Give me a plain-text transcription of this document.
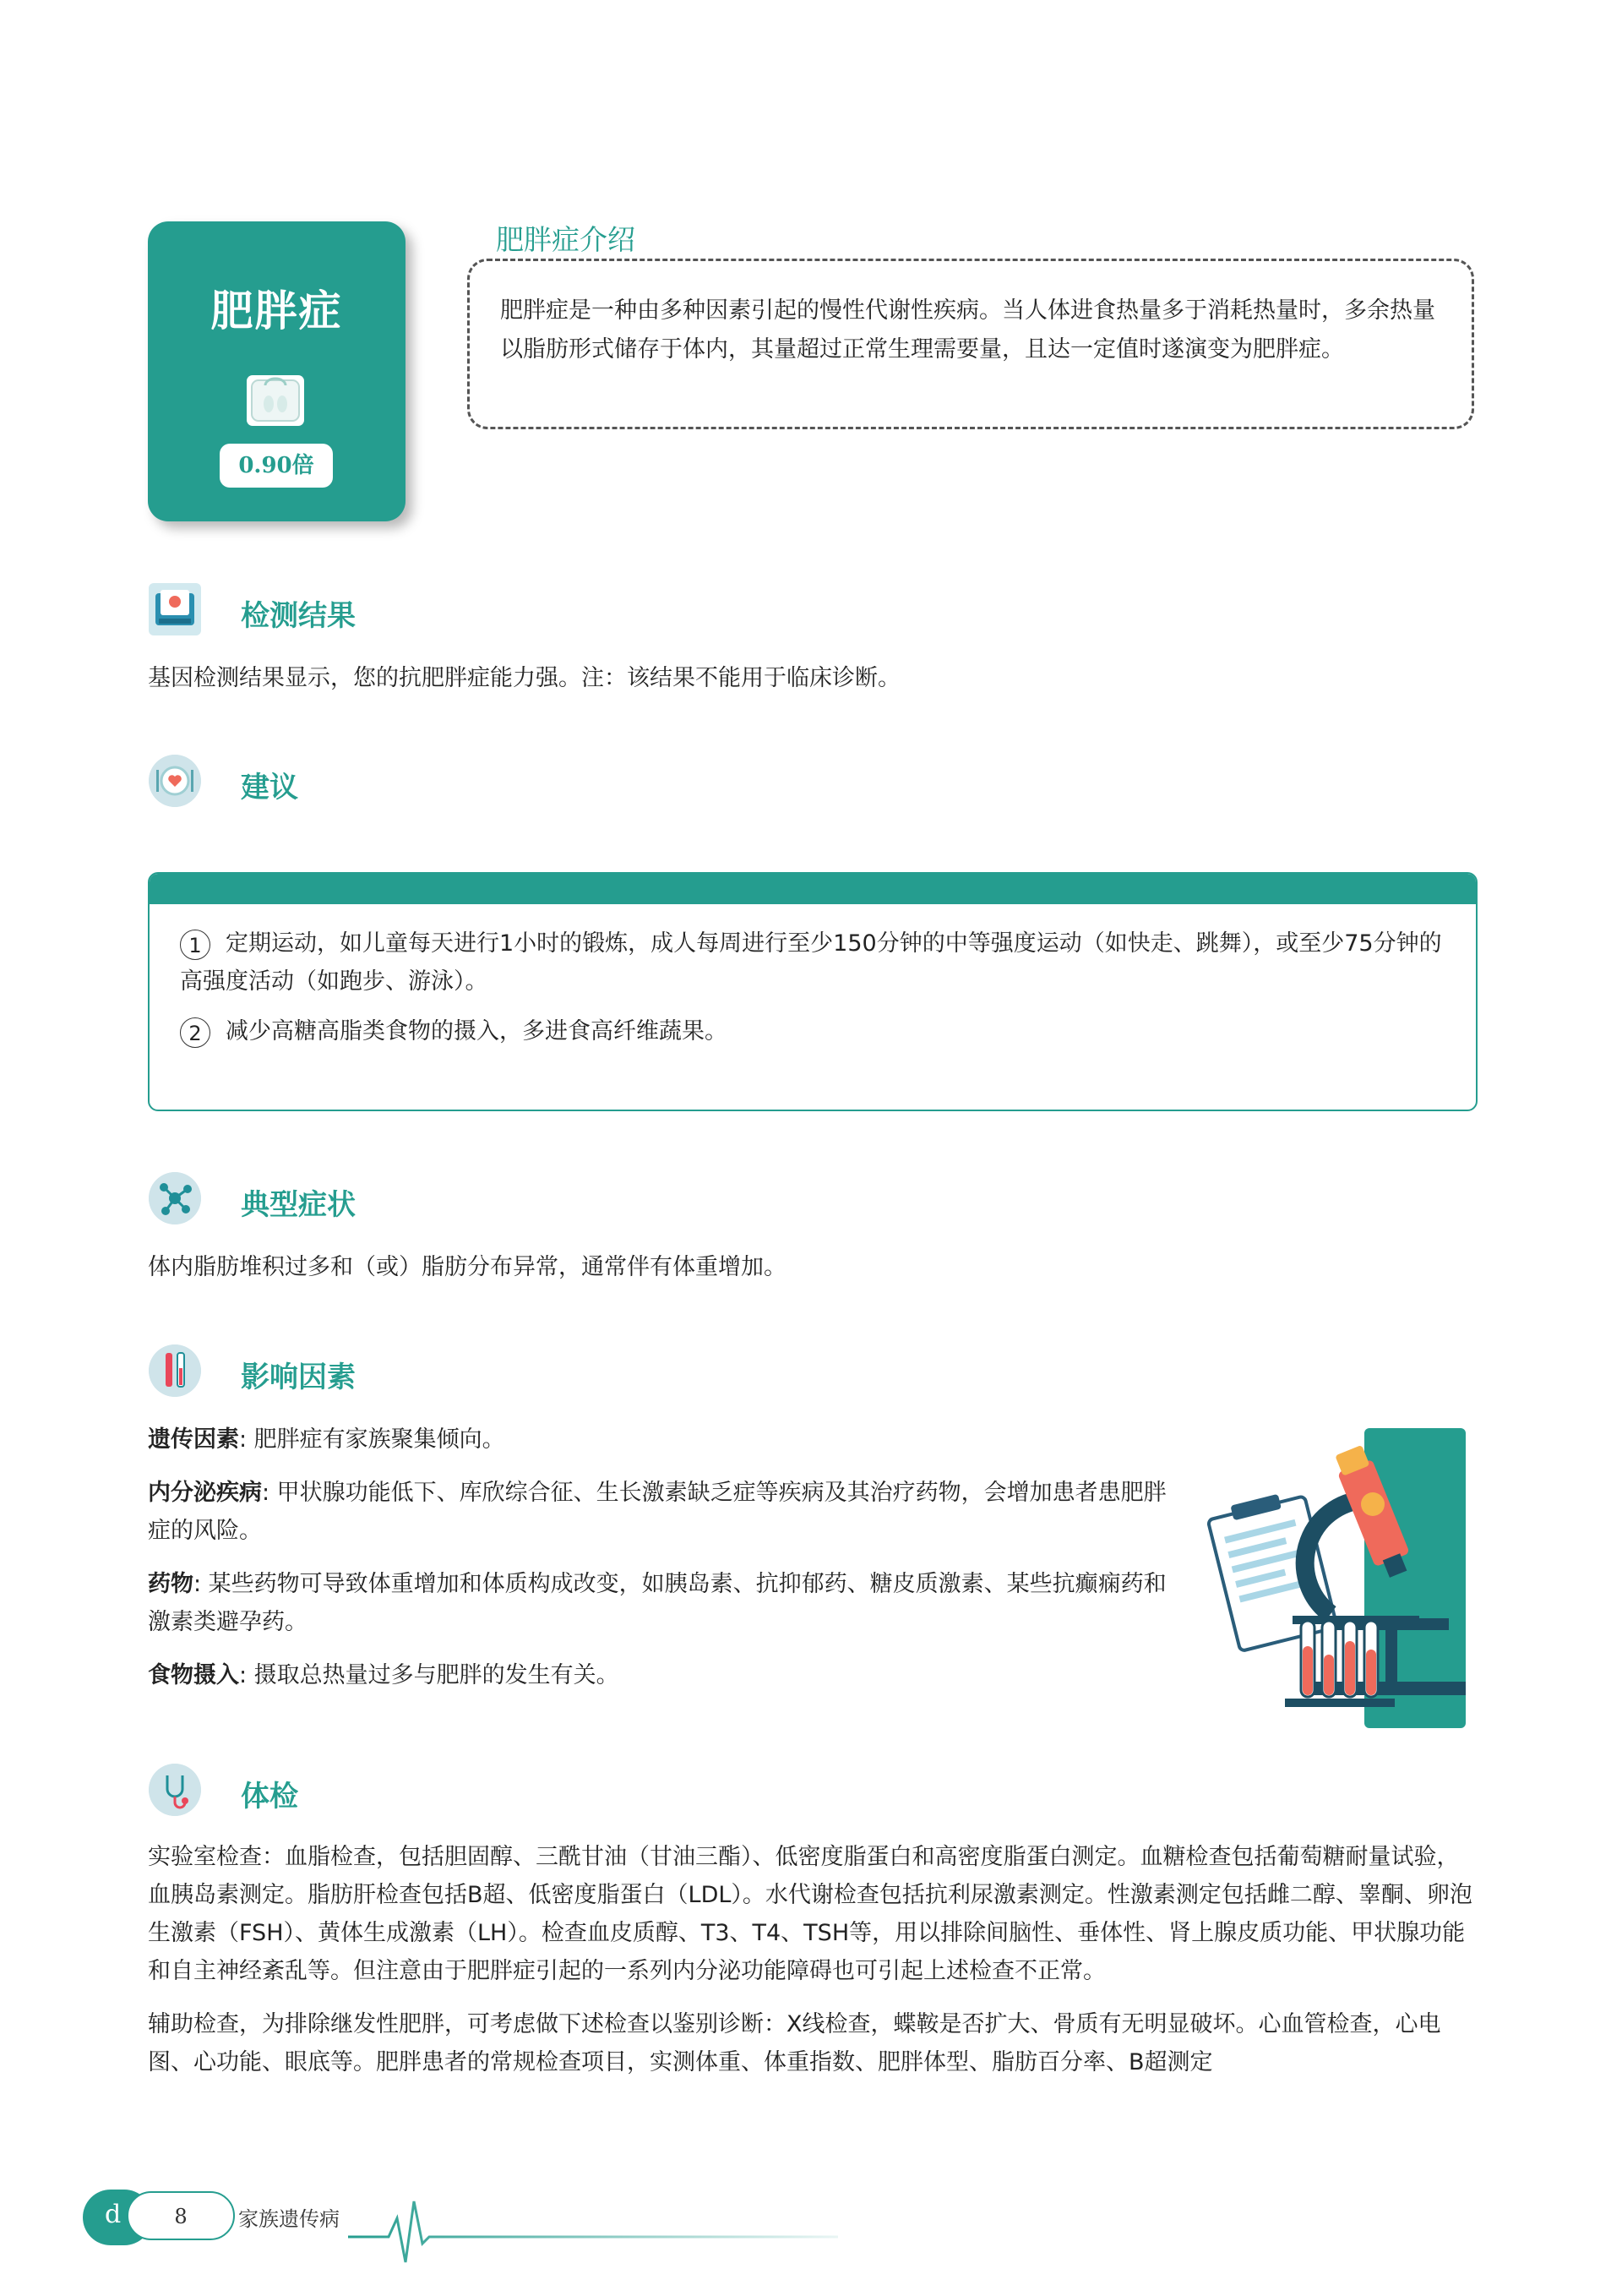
肥胖症
0.90倍
肥胖症介绍
肥胖症是一种由多种因素引起的慢性代谢性疾病。当人体进食热量多于消耗热量时，多余热量以脂肪形式储存于体内，其量超过正常生理需要量，且达一定值时遂演变为肥胖症。
检测结果
基因检测结果显示，您的抗肥胖症能力强。注：该结果不能用于临床诊断。
建议
1 定期运动，如儿童每天进行1小时的锻炼，成人每周进行至少150分钟的中等强度运动（如快走、跳舞），或至少75分钟的高强度活动（如跑步、游泳）。
2 减少高糖高脂类食物的摄入，多进食高纤维蔬果。
典型症状
体内脂肪堆积过多和（或）脂肪分布异常，通常伴有体重增加。
影响因素

遗传因素: 肥胖症有家族聚集倾向。

内分泌疾病: 甲状腺功能低下、库欣综合征、生长激素缺乏症等疾病及其治疗药物，会增加患者患肥胖症的风险。

药物: 某些药物可导致体重增加和体质构成改变，如胰岛素、抗抑郁药、糖皮质激素、某些抗癫痫药和激素类避孕药。

食物摄入: 摄取总热量过多与肥胖的发生有关。

体检

实验室检查：血脂检查，包括胆固醇、三酰甘油（甘油三酯）、低密度脂蛋白和高密度脂蛋白测定。血糖检查包括葡萄糖耐量试验，血胰岛素测定。脂肪肝检查包括B超、低密度脂蛋白（LDL）。水代谢检查包括抗利尿激素测定。性激素测定包括雌二醇、睾酮、卵泡生激素（FSH）、黄体生成激素（LH）。检查血皮质醇、T3、T4、TSH等，用以排除间脑性、垂体性、肾上腺皮质功能、甲状腺功能和自主神经紊乱等。但注意由于肥胖症引起的一系列内分泌功能障碍也可引起上述检查不正常。

辅助检查，为排除继发性肥胖，可考虑做下述检查以鉴别诊断：X线检查，蝶鞍是否扩大、骨质有无明显破坏。心血管检查，心电图、心功能、眼底等。肥胖患者的常规检查项目，实测体重、体重指数、肥胖体型、脂肪百分率、B超测定

d	8	家族遗传病
